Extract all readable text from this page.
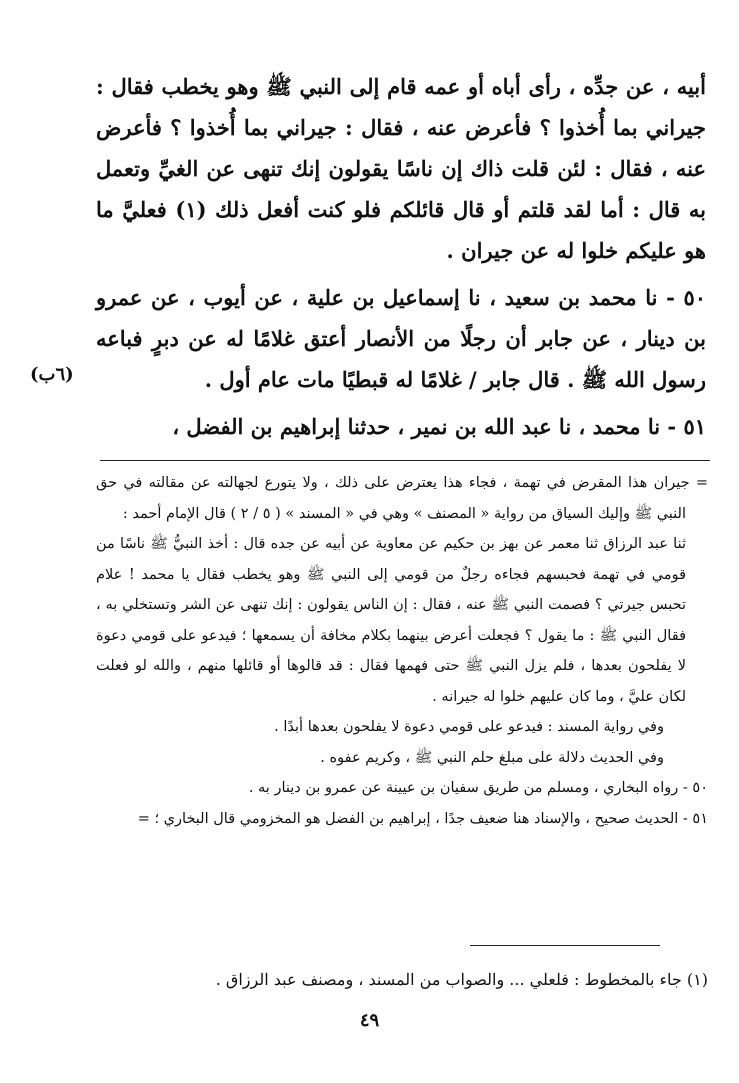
أبيه ، عن جدِّه ، رأى أباه أو عمه قام إلى النبي ﷺ وهو يخطب فقال : جيراني بما أُخذوا ؟ فأعرض عنه ، فقال : جيراني بما أُخذوا ؟ فأعرض عنه ، فقال : لئن قلت ذاك إن ناسًا يقولون إنك تنهى عن الغيِّ وتعمل به قال : أما لقد قلتم أو قال قائلكم فلو كنت أفعل ذلك (١) فعليَّ ما هو عليكم خلوا له عن جيران .

٥٠ - نا محمد بن سعيد ، نا إسماعيل بن علية ، عن أيوب ، عن عمرو بن دينار ، عن جابر أن رجلًا من الأنصار أعتق غلامًا له عن دبرٍ فباعه رسول الله ﷺ . قال جابر / غلامًا له قبطيًا مات عام أول .

٥١ - نا محمد ، نا عبد الله بن نمير ، حدثنا إبراهيم بن الفضل ،

(٦ب)

= جيران هذا المقرض في تهمة ، فجاء هذا يعترض على ذلك ، ولا يتورع لجهالته عن مقالته في حق النبي ﷺ وإليك السياق من رواية « المصنف » وهي في « المسند » ( ٥ / ٢ ) قال الإمام أحمد :

ثنا عبد الرزاق ثنا معمر عن بهز بن حكيم عن معاوية عن أبيه عن جده قال : أخذ النبيُّ ﷺ ناسًا من قومي في تهمة فحبسهم فجاءه رجلٌ من قومي إلى النبي ﷺ وهو يخطب فقال يا محمد ! علام تحبس جيرتي ؟ فصمت النبي ﷺ عنه ، فقال : إن الناس يقولون : إنك تنهى عن الشر وتستخلي به ، فقال النبي ﷺ : ما يقول ؟ فجعلت أعرض بينهما بكلام مخافة أن يسمعها ؛ فيدعو على قومي دعوة لا يفلحون بعدها ، فلم يزل النبي ﷺ حتى فهمها فقال : قد قالوها أو قائلها منهم ، والله لو فعلت لكان عليَّ ، وما كان عليهم خلوا له جيرانه .

وفي رواية المسند : فيدعو على قومي دعوة لا يفلحون بعدها أبدًا .

وفي الحديث دلالة على مبلغ حلم النبي ﷺ ، وكريم عفوه .

٥٠ - رواه البخاري ، ومسلم من طريق سفيان بن عيينة عن عمرو بن دينار به .

٥١ - الحديث صحيح ، والإسناد هنا ضعيف جدًا ، إبراهيم بن الفضل هو المخزومي قال البخاري ؛ =

(١) جاء بالمخطوط : فلعلي ... والصواب من المسند ، ومصنف عبد الرزاق .
٤٩
